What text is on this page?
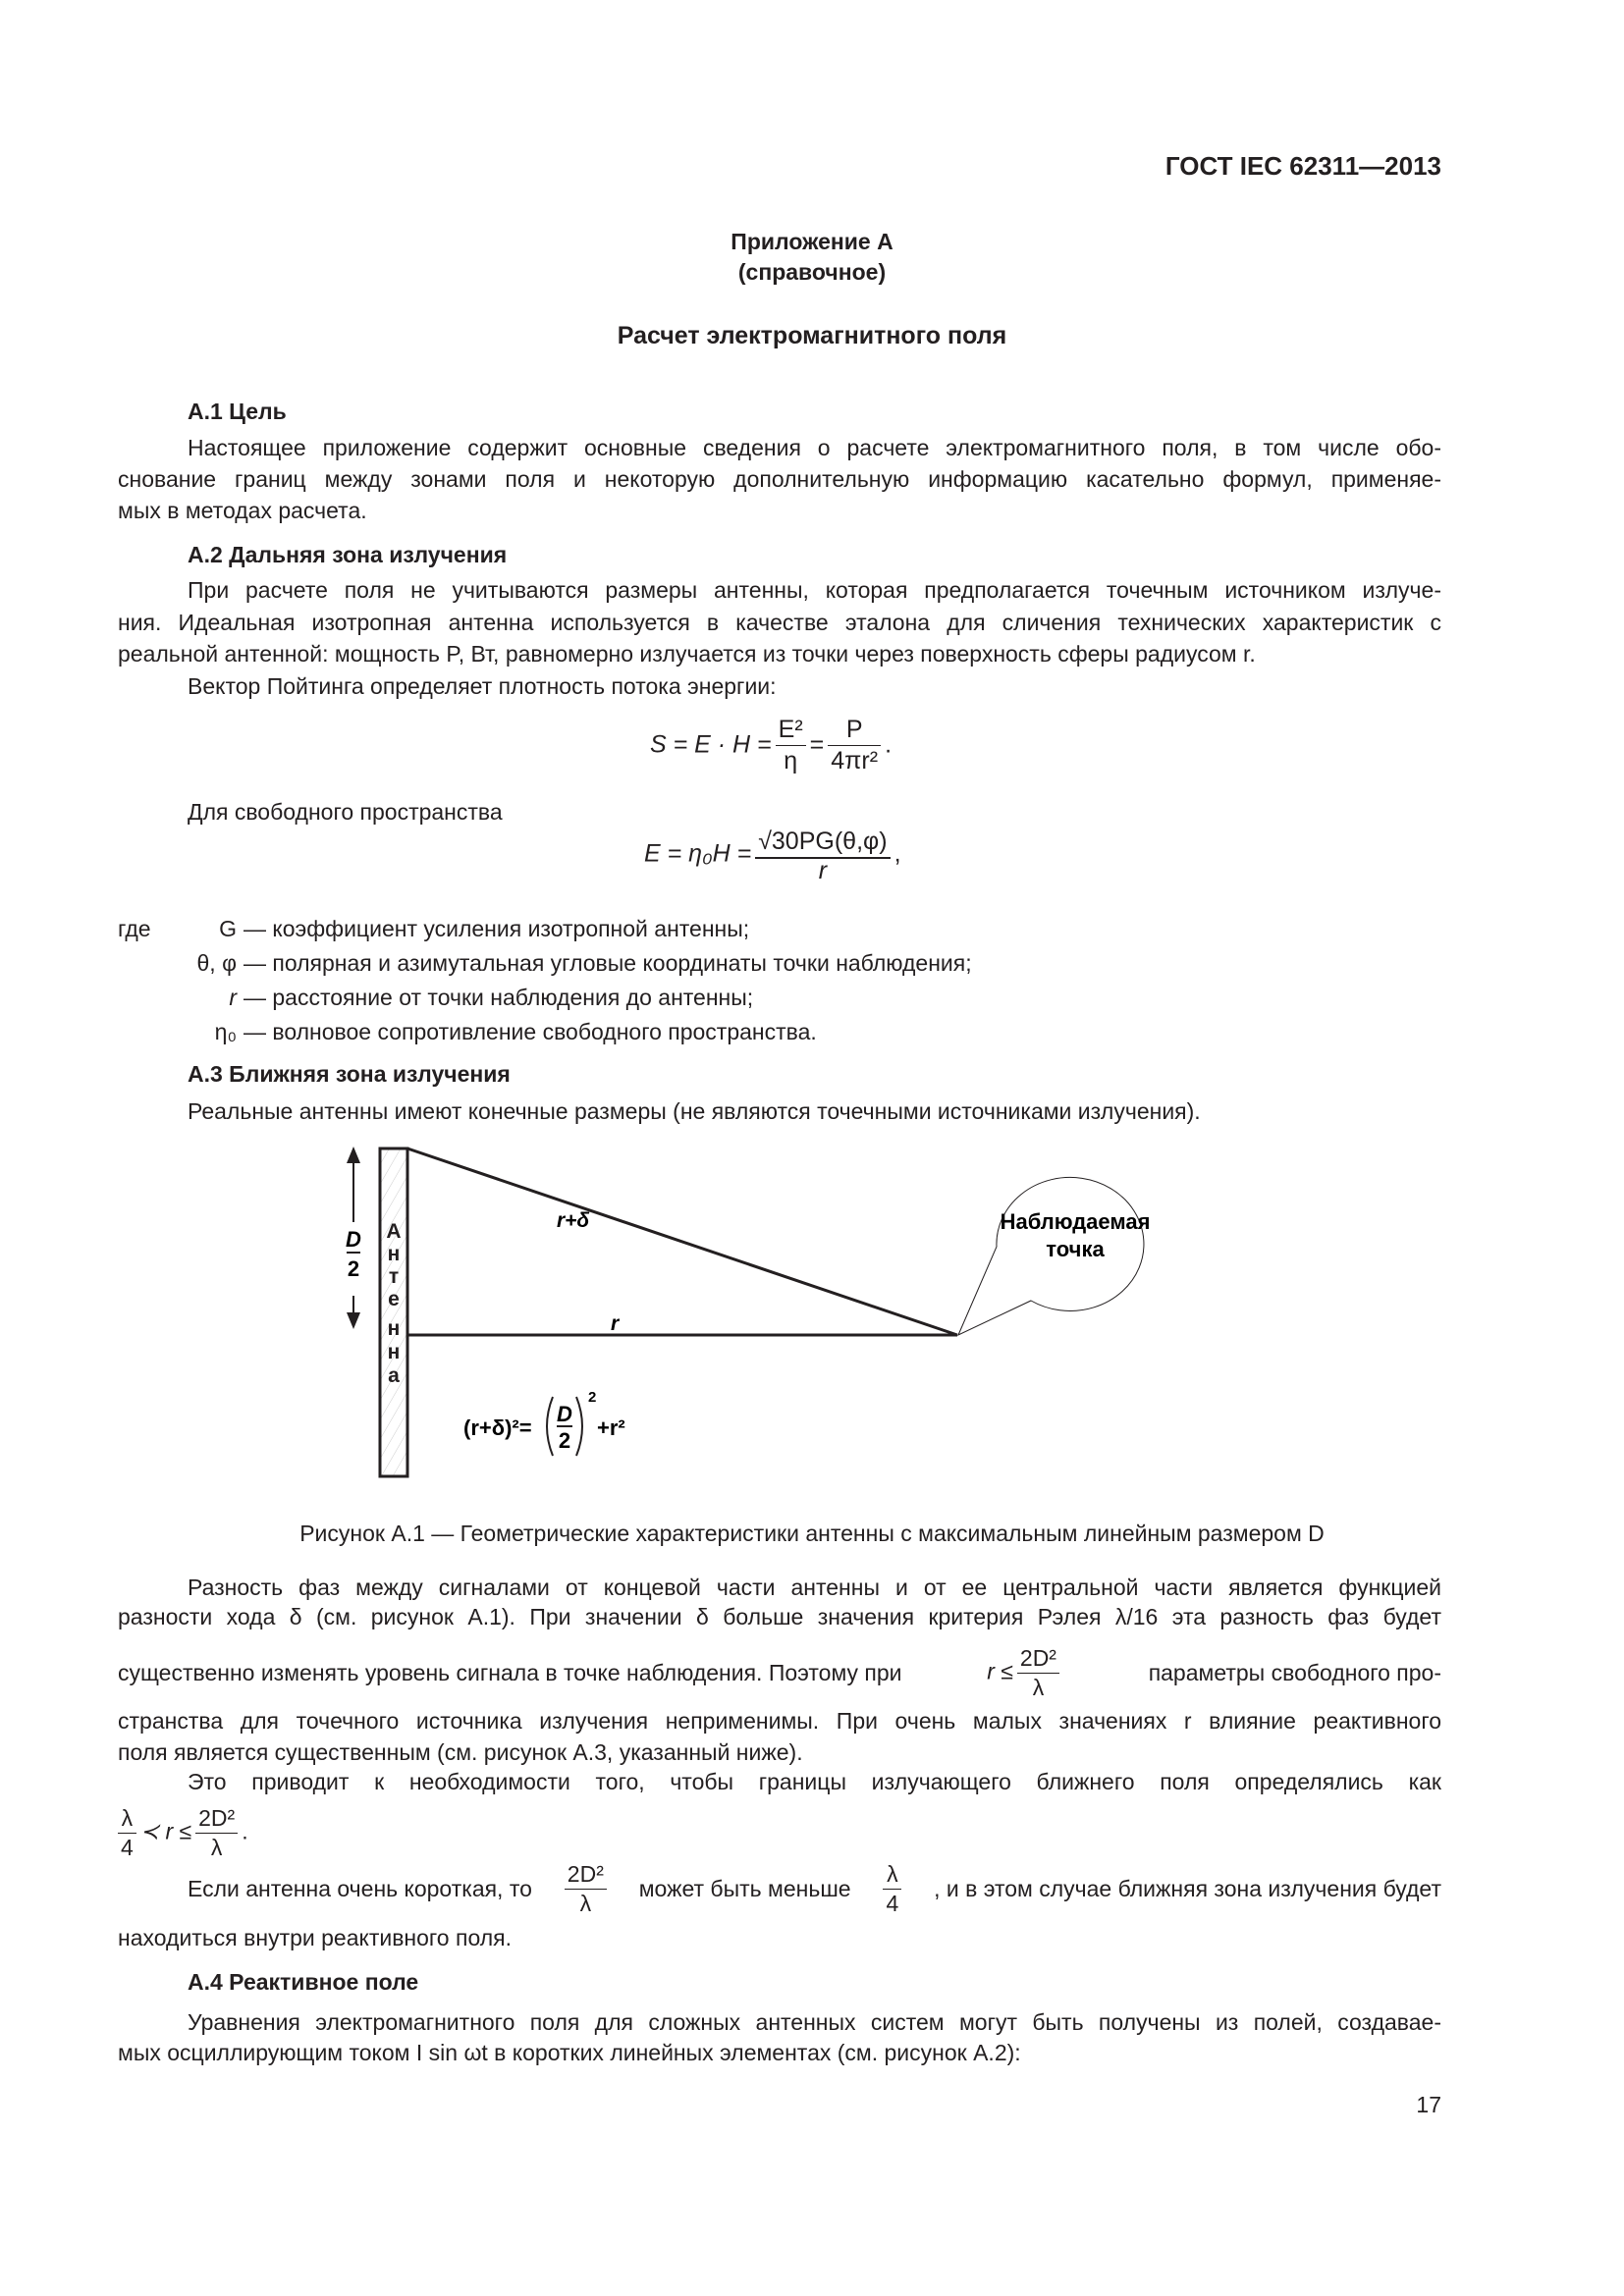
ГОСТ IEC 62311—2013
Приложение А
(справочное)
Расчет электромагнитного поля
А.1 Цель
Настоящее приложение содержит основные сведения о расчете электромагнитного поля, в том числе обо-
снование границ между зонами поля и некоторую дополнительную информацию касательно формул, применяе-
мых в методах расчета.
А.2 Дальняя зона излучения
При расчете поля не учитываются размеры антенны, которая предполагается точечным источником излуче-
ния. Идеальная изотропная антенна используется в качестве эталона для сличения технических характеристик с
реальной антенной: мощность P, Вт, равномерно излучается из точки через поверхность сферы радиусом r.
Вектор Пойтинга определяет плотность потока энергии:
$S = E \cdot H = \frac{\text{E²}}{\eta} = \frac{P}{\text{4πr²}}$ .
Для свободного пространства
$E = \eta_0H = \frac{√30PG(\theta,\varphi)}{r}$ ,
где	G — коэффициент усиления изотропной антенны;
θ, φ — полярная и азимутальная угловые координаты точки наблюдения;
r — расстояние от точки наблюдения до антенны;
η₀ — волновое сопротивление свободного пространства.
А.3 Ближняя зона излучения
Реальные антенны имеют конечные размеры (не являются точечными источниками излучения).
D
2
А
н
т
е
н
н
а
r+δ
r
Наблюдаемая
точка
(r+δ)²=
D
2
2
+r²
Рисунок А.1 — Геометрические характеристики антенны с максимальным линейным размером D
Разность фаз между сигналами от концевой части антенны и от ее центральной части является функцией
разности хода δ (см. рисунок А.1). При значении δ больше значения критерия Рэлея λ/16 эта разность фаз будет
существенно изменять уровень сигнала в точке наблюдения. Поэтому при	$r \le \frac{\text{2D²}}{\lambda}$	параметры свободного про-
странства для точечного источника излучения неприменимы. При очень малых значениях r влияние реактивного
поля является существенным (см. рисунок А.3, указанный ниже).
Это приводит к необходимости того, чтобы границы излучающего ближнего поля определялись как
$\frac{\lambda}{4}$ ≺ $r \le \frac{\text{2D²}}{\lambda}$ .
Если антенна очень короткая, то $\frac{\text{2D²}}{\lambda}$ может быть меньше $\frac{\lambda}{4}$ , и в этом случае ближняя зона излучения будет
находиться внутри реактивного поля.
А.4 Реактивное поле
Уравнения электромагнитного поля для сложных антенных систем могут быть получены из полей, создавае-
мых осциллирующим током I sin ωt в коротких линейных элементах (см. рисунок А.2):
17
